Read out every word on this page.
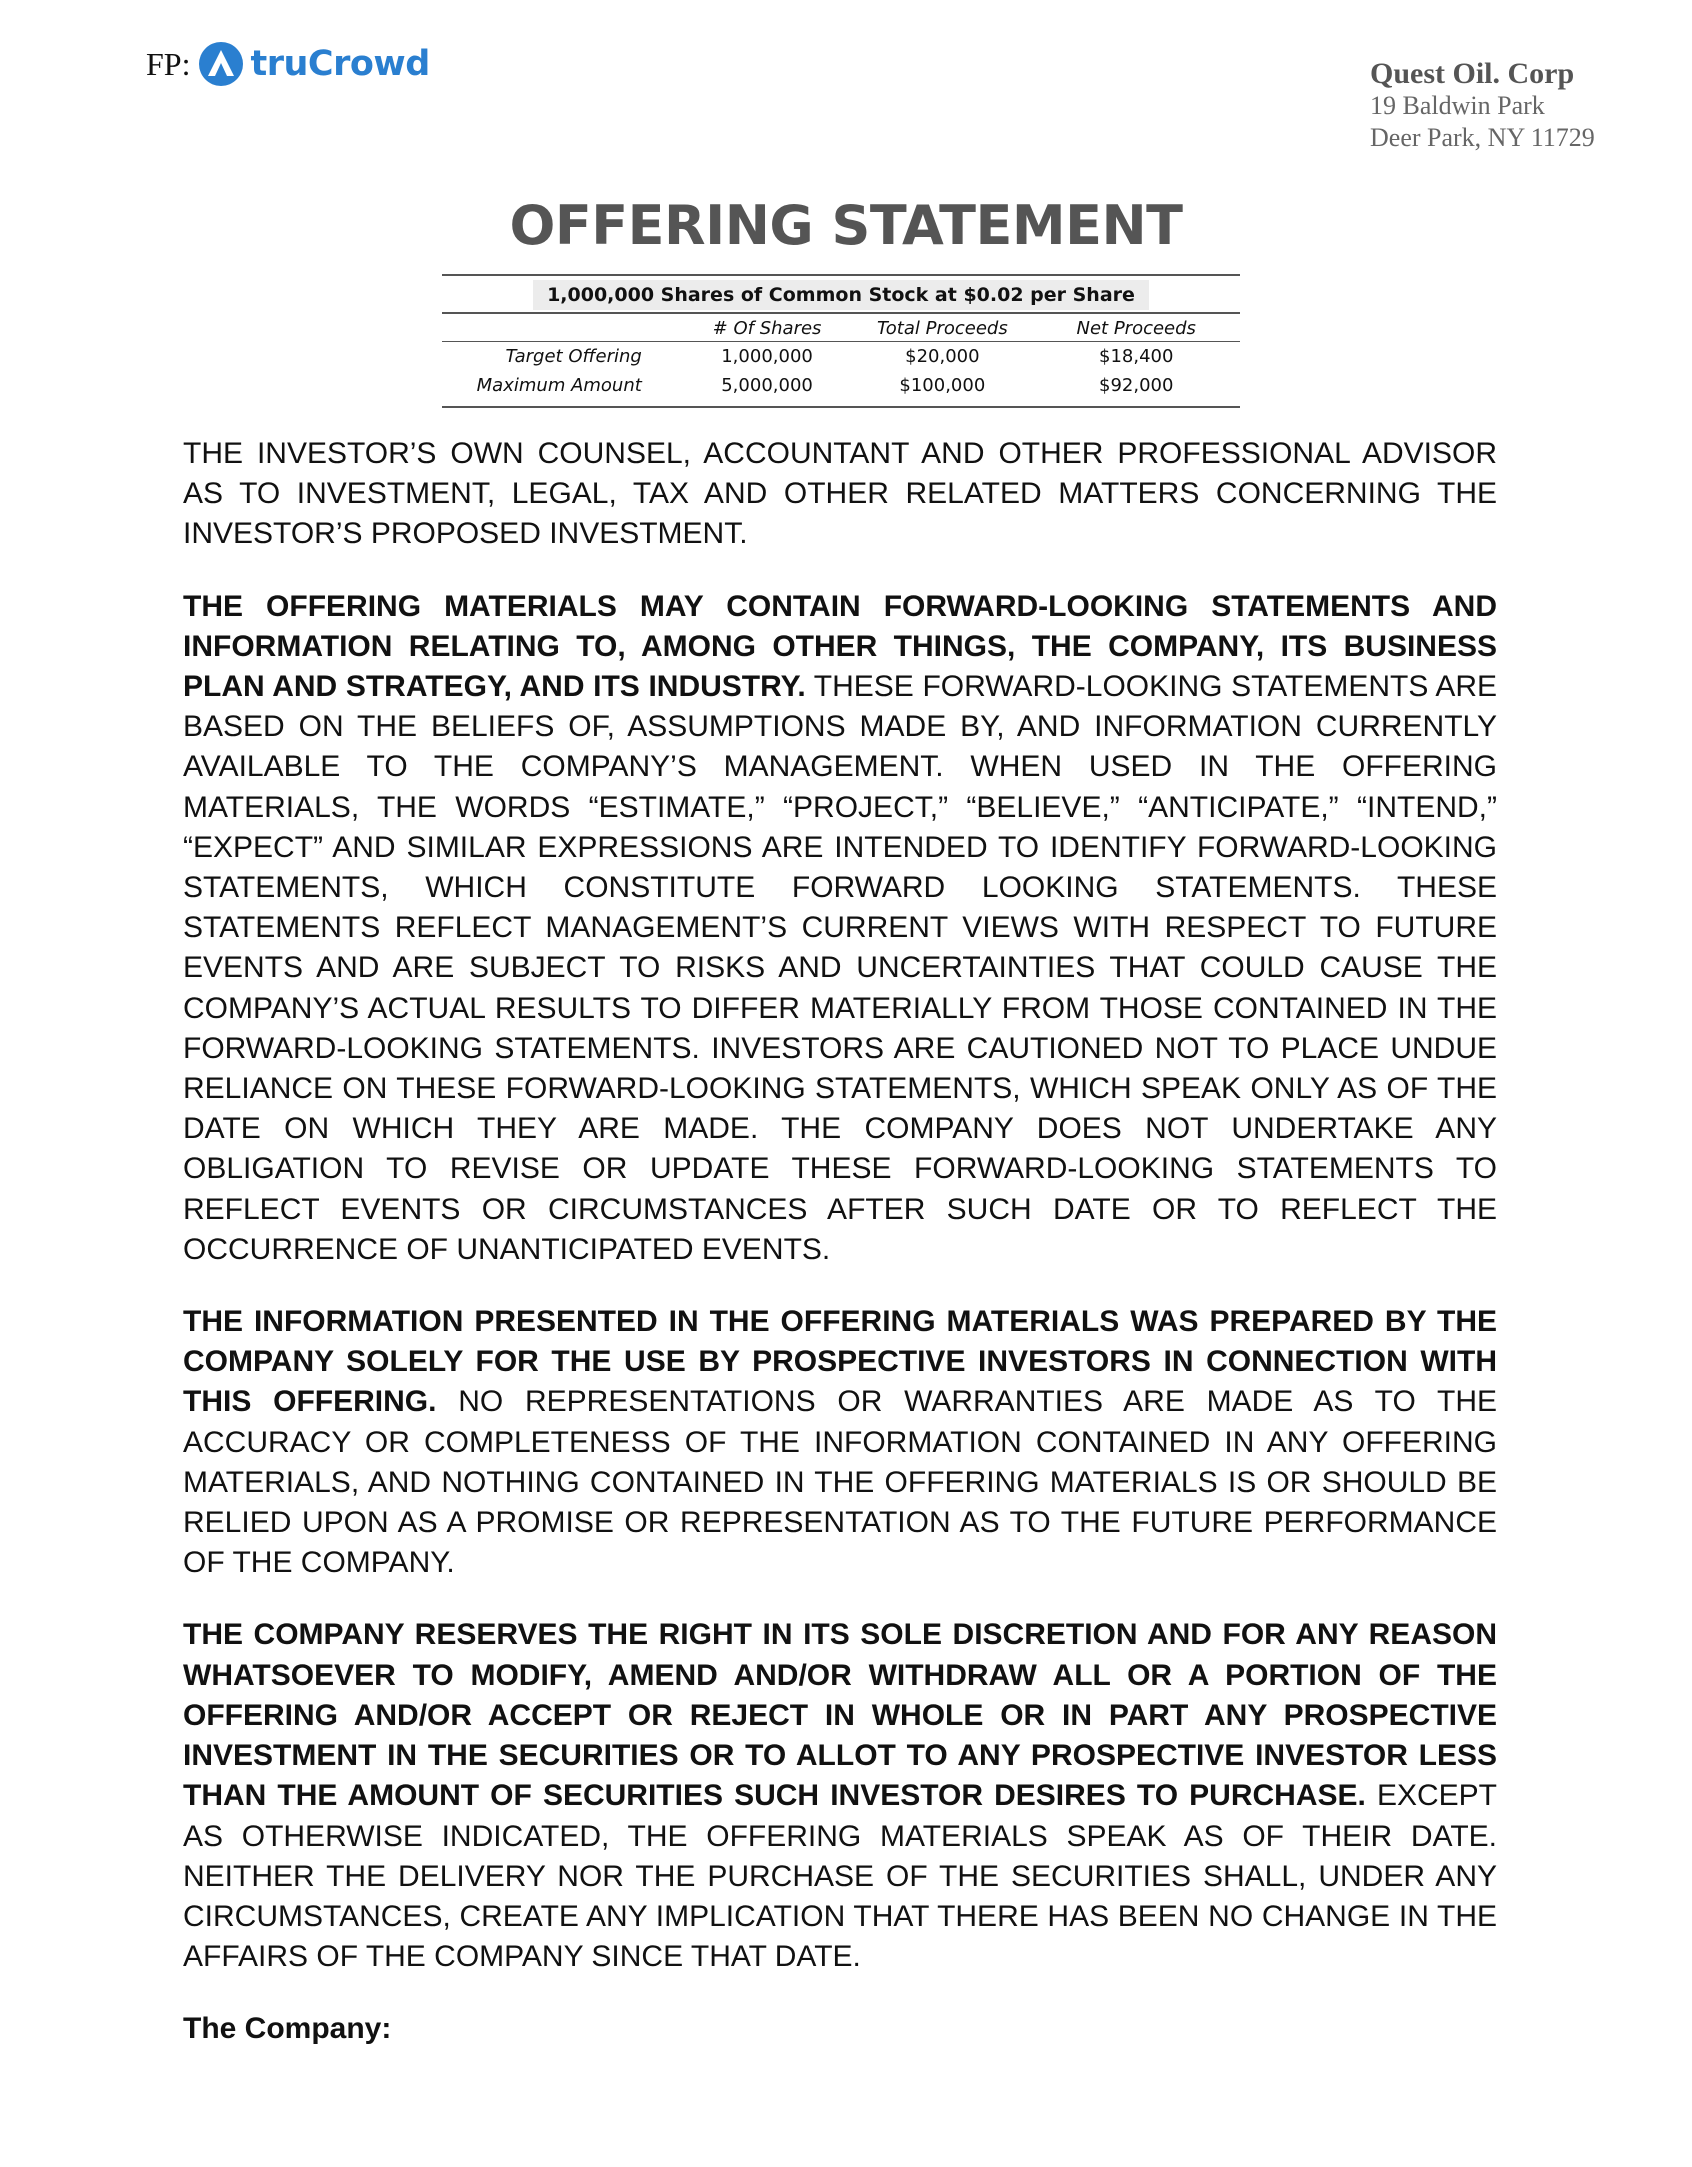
FP: truCrowd	Quest Oil. Corp
19 Baldwin Park
Deer Park, NY 11729
OFFERING STATEMENT
1,000,000 Shares of Common Stock at $0.02 per Share
	# Of Shares	Total Proceeds	Net Proceeds
Target Offering	1,000,000	$20,000	$18,400
Maximum Amount	5,000,000	$100,000	$92,000

THE INVESTOR’S OWN COUNSEL, ACCOUNTANT AND OTHER PROFESSIONAL ADVISOR AS TO INVESTMENT, LEGAL, TAX AND OTHER RELATED MATTERS CONCERNING THE INVESTOR’S PROPOSED INVESTMENT.

THE OFFERING MATERIALS MAY CONTAIN FORWARD-LOOKING STATEMENTS AND INFORMATION RELATING TO, AMONG OTHER THINGS, THE COMPANY, ITS BUSINESS PLAN AND STRATEGY, AND ITS INDUSTRY. THESE FORWARD-LOOKING STATEMENTS ARE BASED ON THE BELIEFS OF, ASSUMPTIONS MADE BY, AND INFORMATION CURRENTLY AVAILABLE TO THE COMPANY’S MANAGEMENT. WHEN USED IN THE OFFERING MATERIALS, THE WORDS “ESTIMATE,” “PROJECT,” “BELIEVE,” “ANTICIPATE,” “INTEND,” “EXPECT” AND SIMILAR EXPRESSIONS ARE INTENDED TO IDENTIFY FORWARD-LOOKING STATEMENTS, WHICH CONSTITUTE FORWARD LOOKING STATEMENTS. THESE STATEMENTS REFLECT MANAGEMENT’S CURRENT VIEWS WITH RESPECT TO FUTURE EVENTS AND ARE SUBJECT TO RISKS AND UNCERTAINTIES THAT COULD CAUSE THE COMPANY’S ACTUAL RESULTS TO DIFFER MATERIALLY FROM THOSE CONTAINED IN THE FORWARD-LOOKING STATEMENTS. INVESTORS ARE CAUTIONED NOT TO PLACE UNDUE RELIANCE ON THESE FORWARD-LOOKING STATEMENTS, WHICH SPEAK ONLY AS OF THE DATE ON WHICH THEY ARE MADE. THE COMPANY DOES NOT UNDERTAKE ANY OBLIGATION TO REVISE OR UPDATE THESE FORWARD-LOOKING STATEMENTS TO REFLECT EVENTS OR CIRCUMSTANCES AFTER SUCH DATE OR TO REFLECT THE OCCURRENCE OF UNANTICIPATED EVENTS.

THE INFORMATION PRESENTED IN THE OFFERING MATERIALS WAS PREPARED BY THE COMPANY SOLELY FOR THE USE BY PROSPECTIVE INVESTORS IN CONNECTION WITH THIS OFFERING. NO REPRESENTATIONS OR WARRANTIES ARE MADE AS TO THE ACCURACY OR COMPLETENESS OF THE INFORMATION CONTAINED IN ANY OFFERING MATERIALS, AND NOTHING CONTAINED IN THE OFFERING MATERIALS IS OR SHOULD BE RELIED UPON AS A PROMISE OR REPRESENTATION AS TO THE FUTURE PERFORMANCE OF THE COMPANY.

THE COMPANY RESERVES THE RIGHT IN ITS SOLE DISCRETION AND FOR ANY REASON WHATSOEVER TO MODIFY, AMEND AND/OR WITHDRAW ALL OR A PORTION OF THE OFFERING AND/OR ACCEPT OR REJECT IN WHOLE OR IN PART ANY PROSPECTIVE INVESTMENT IN THE SECURITIES OR TO ALLOT TO ANY PROSPECTIVE INVESTOR LESS THAN THE AMOUNT OF SECURITIES SUCH INVESTOR DESIRES TO PURCHASE. EXCEPT AS OTHERWISE INDICATED, THE OFFERING MATERIALS SPEAK AS OF THEIR DATE. NEITHER THE DELIVERY NOR THE PURCHASE OF THE SECURITIES SHALL, UNDER ANY CIRCUMSTANCES, CREATE ANY IMPLICATION THAT THERE HAS BEEN NO CHANGE IN THE AFFAIRS OF THE COMPANY SINCE THAT DATE.

The Company:
